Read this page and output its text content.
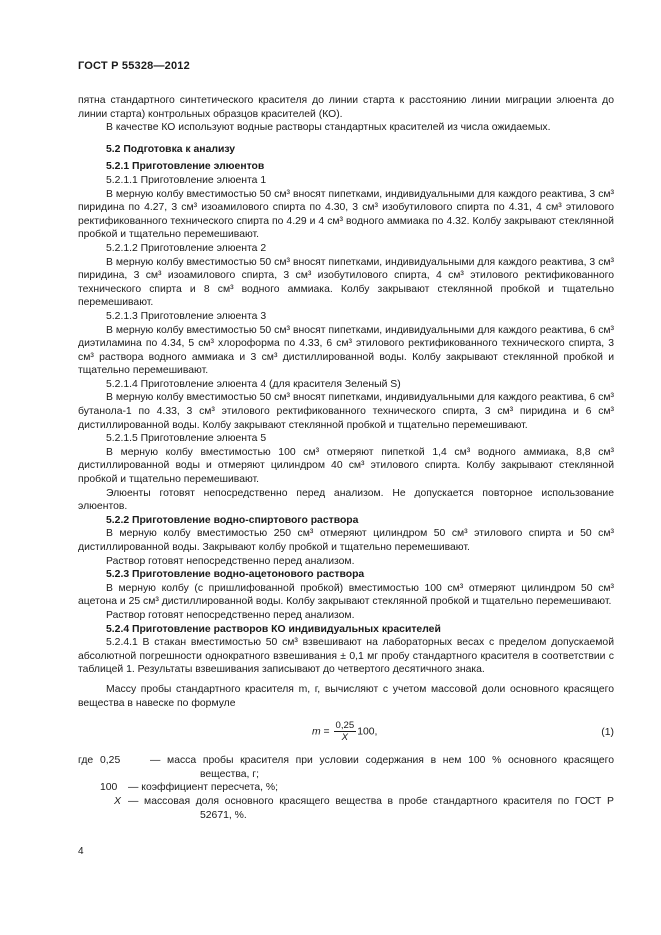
ГОСТ Р 55328—2012

пятна стандартного синтетического красителя до линии старта к расстоянию линии миграции элюента до линии старта) контрольных образцов красителей (КО).

В качестве КО используют водные растворы стандартных красителей из числа ожидаемых.

5.2 Подготовка к анализу

5.2.1 Приготовление элюентов

5.2.1.1 Приготовление элюента 1

В мерную колбу вместимостью 50 см³ вносят пипетками, индивидуальными для каждого реактива, 3 см³ пиридина по 4.27, 3 см³ изоамилового спирта по 4.30, 3 см³ изобутилового спирта по 4.31, 4 см³ этилового ректификованного технического спирта по 4.29 и 4 см³ водного аммиака по 4.32. Колбу закрывают стеклянной пробкой и тщательно перемешивают.

5.2.1.2 Приготовление элюента 2

В мерную колбу вместимостью 50 см³ вносят пипетками, индивидуальными для каждого реактива, 3 см³ пиридина, 3 см³ изоамилового спирта, 3 см³ изобутилового спирта, 4 см³ этилового ректификованного технического спирта и 8 см³ водного аммиака. Колбу закрывают стеклянной пробкой и тщательно перемешивают.

5.2.1.3 Приготовление элюента 3

В мерную колбу вместимостью 50 см³ вносят пипетками, индивидуальными для каждого реактива, 6 см³ диэтиламина по 4.34, 5 см³ хлороформа по 4.33, 6 см³ этилового ректификованного технического спирта, 3 см³ раствора водного аммиака и 3 см³ дистиллированной воды. Колбу закрывают стеклянной пробкой и тщательно перемешивают.

5.2.1.4 Приготовление элюента 4 (для красителя Зеленый S)

В мерную колбу вместимостью 50 см³ вносят пипетками, индивидуальными для каждого реактива, 6 см³ бутанола-1 по 4.33, 3 см³ этилового ректификованного технического спирта, 3 см³ пиридина и 6 см³ дистиллированной воды. Колбу закрывают стеклянной пробкой и тщательно перемешивают.

5.2.1.5 Приготовление элюента 5

В мерную колбу вместимостью 100 см³ отмеряют пипеткой 1,4 см³ водного аммиака, 8,8 см³ дистиллированной воды и отмеряют цилиндром 40 см³ этилового спирта. Колбу закрывают стеклянной пробкой и тщательно перемешивают.

Элюенты готовят непосредственно перед анализом. Не допускается повторное использование элюентов.

5.2.2 Приготовление водно-спиртового раствора

В мерную колбу вместимостью 250 см³ отмеряют цилиндром 50 см³ этилового спирта и 50 см³ дистиллированной воды. Закрывают колбу пробкой и тщательно перемешивают.

Раствор готовят непосредственно перед анализом.

5.2.3 Приготовление водно-ацетонового раствора

В мерную колбу (с пришлифованной пробкой) вместимостью 100 см³ отмеряют цилиндром 50 см³ ацетона и 25 см³ дистиллированной воды. Колбу закрывают стеклянной пробкой и тщательно перемешивают.

Раствор готовят непосредственно перед анализом.

5.2.4 Приготовление растворов КО индивидуальных красителей

5.2.4.1 В стакан вместимостью 50 см³ взвешивают на лабораторных весах с пределом допускаемой абсолютной погрешности однократного взвешивания ± 0,1 мг пробу стандартного красителя в соответствии с таблицей 1. Результаты взвешивания записывают до четвертого десятичного знака.

Массу пробы стандартного красителя m, г, вычисляют с учетом массовой доли основного красящего вещества в навеске по формуле

$m = \frac{0,25}{X} 100$,	(1)
где 0,25	— масса пробы красителя при условии содержания в нем 100 % основного красящего вещества, г;
100	— коэффициент пересчета, %;
X — массовая доля основного красящего вещества в пробе стандартного красителя по ГОСТ Р 52671, %.
4
